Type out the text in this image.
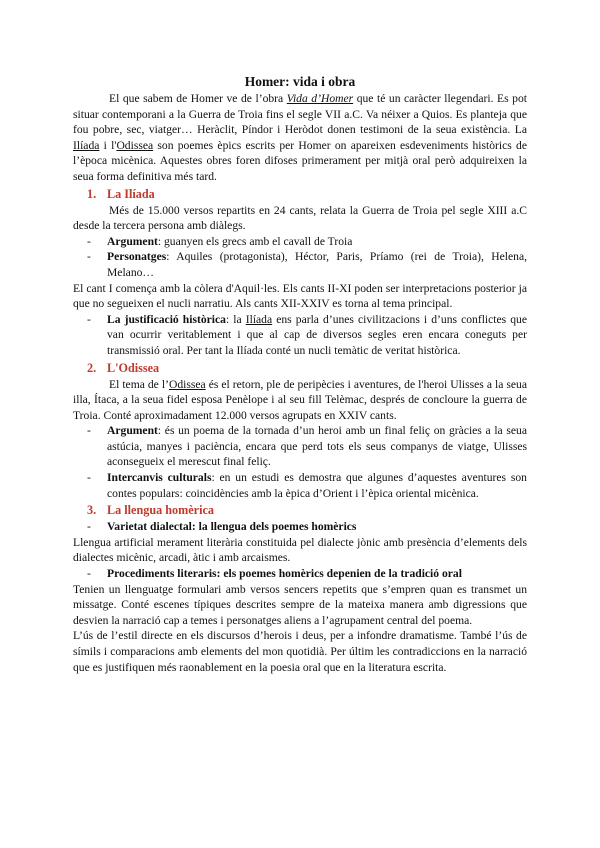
Homer: vida i obra

El que sabem de Homer ve de l’obra Vida d’Homer que té un caràcter llegendari. Es pot situar contemporani a la Guerra de Troia fins el segle VII a.C. Va néixer a Quios. Es planteja que fou pobre, sec, viatger… Heràclit, Píndor i Heròdot donen testimoni de la seua existència. La Ilíada i l'Odissea son poemes èpics escrits per Homer on apareixen esdeveniments històrics de l’època micènica. Aquestes obres foren difoses primerament per mitjà oral però adquireixen la seua forma definitiva més tard.

1. La Ilíada

Més de 15.000 versos repartits en 24 cants, relata la Guerra de Troia pel segle XIII a.C desde la tercera persona amb diàlegs.

-	Argument: guanyen els grecs amb el cavall de Troia
-	Personatges: Aquiles (protagonista), Héctor, Paris, Príamo (rei de Troia), Helena, Melano…

El cant I comença amb la còlera d'Aquil·les. Els cants II-XI poden ser interpretacions posterior ja que no segueixen el nucli narratiu. Als cants XII-XXIV es torna al tema principal.

-	La justificació històrica: la Ilíada ens parla d’unes civilitzacions i d’uns conflictes que van ocurrir veritablement i que al cap de diversos segles eren encara coneguts per transmissió oral. Per tant la Ilíada conté un nucli temàtic de veritat històrica.
2. L'Odissea

El tema de l’Odissea és el retorn, ple de peripècies i aventures, de l'heroi Ulisses a la seua illa, Ítaca, a la seua fidel esposa Penèlope i al seu fill Telèmac, després de concloure la guerra de Troia. Conté aproximadament 12.000 versos agrupats en XXIV cants.

-	Argument: és un poema de la tornada d’un heroi amb un final feliç on gràcies a la seua astúcia, manyes i paciència, encara que perd tots els seus companys de viatge, Ulisses aconsegueix el merescut final feliç.
-	Intercanvis culturals: en un estudi es demostra que algunes d’aquestes aventures son contes populars: coincidències amb la èpica d’Orient i l’èpica oriental micènica.
3. La llengua homèrica
-	Varietat dialectal: la llengua dels poemes homèrics

Llengua artificial merament literària constituida pel dialecte jònic amb presència d’elements dels dialectes micènic, arcadi, àtic i amb arcaismes.

-	Procediments literaris: els poemes homèrics depenien de la tradició oral

Tenien un llenguatge formulari amb versos sencers repetits que s’empren quan es transmet un missatge. Conté escenes típiques descrites sempre de la mateixa manera amb digressions que desvien la narració cap a temes i personatges aliens a l’agrupament central del poema.

L’ús de l’estil directe en els discursos d’herois i deus, per a infondre dramatisme. També l’ús de símils i comparacions amb elements del mon quotidià. Per últim les contradiccions en la narració que es justifiquen més raonablement en la poesia oral que en la literatura escrita.
